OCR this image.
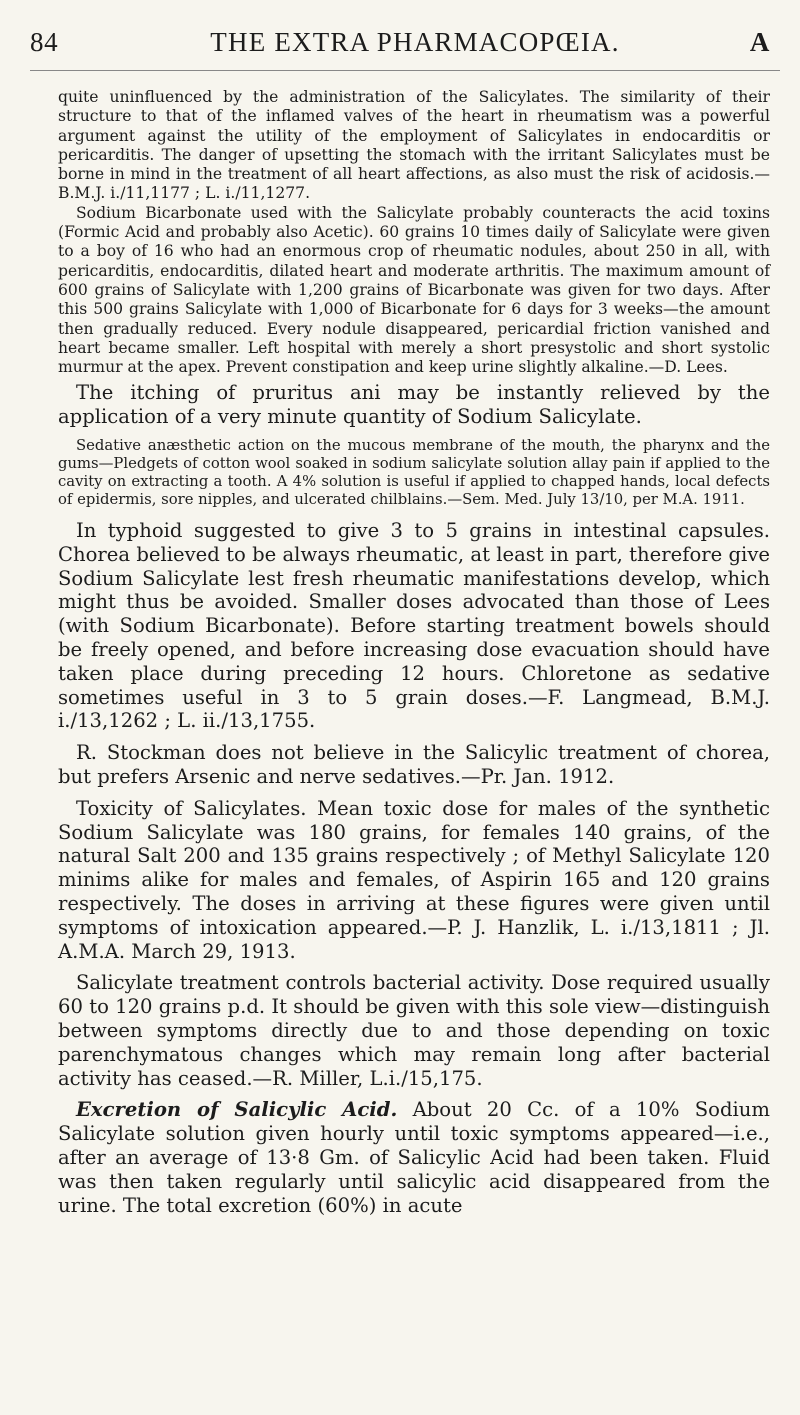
84	THE EXTRA PHARMACOPŒIA.	A

quite uninfluenced by the administration of the Salicylates. The similarity of their structure to that of the inflamed valves of the heart in rheumatism was a powerful argument against the utility of the employment of Salicylates in endocarditis or pericarditis. The danger of upsetting the stomach with the irritant Salicylates must be borne in mind in the treatment of all heart affections, as also must the risk of acidosis.—B.M.J. i./11,1177 ; L. i./11,1277.

Sodium Bicarbonate used with the Salicylate probably counteracts the acid toxins (Formic Acid and probably also Acetic). 60 grains 10 times daily of Salicylate were given to a boy of 16 who had an enormous crop of rheumatic nodules, about 250 in all, with pericarditis, endocarditis, dilated heart and moderate arthritis. The maximum amount of 600 grains of Salicylate with 1,200 grains of Bicarbonate was given for two days. After this 500 grains Salicylate with 1,000 of Bicarbonate for 6 days for 3 weeks—the amount then gradually reduced. Every nodule disappeared, pericardial friction vanished and heart became smaller. Left hospital with merely a short presystolic and short systolic murmur at the apex. Prevent constipation and keep urine slightly alkaline.—D. Lees.

The itching of pruritus ani may be instantly relieved by the application of a very minute quantity of Sodium Salicylate.

Sedative anæsthetic action on the mucous membrane of the mouth, the pharynx and the gums—Pledgets of cotton wool soaked in sodium salicylate solution allay pain if applied to the cavity on extracting a tooth. A 4% solution is useful if applied to chapped hands, local defects of epidermis, sore nipples, and ulcerated chilblains.—Sem. Med. July 13/10, per M.A. 1911.

In typhoid suggested to give 3 to 5 grains in intestinal capsules. Chorea believed to be always rheumatic, at least in part, therefore give Sodium Salicylate lest fresh rheumatic manifestations develop, which might thus be avoided. Smaller doses advocated than those of Lees (with Sodium Bicarbonate). Before starting treatment bowels should be freely opened, and before increasing dose evacuation should have taken place during preceding 12 hours. Chloretone as sedative sometimes useful in 3 to 5 grain doses.—F. Langmead, B.M.J. i./13,1262 ; L. ii./13,1755.

R. Stockman does not believe in the Salicylic treatment of chorea, but prefers Arsenic and nerve sedatives.—Pr. Jan. 1912.

Toxicity of Salicylates. Mean toxic dose for males of the synthetic Sodium Salicylate was 180 grains, for females 140 grains, of the natural Salt 200 and 135 grains respectively ; of Methyl Salicylate 120 minims alike for males and females, of Aspirin 165 and 120 grains respectively. The doses in arriving at these figures were given until symptoms of intoxication appeared.—P. J. Hanzlik, L. i./13,1811 ; Jl. A.M.A. March 29, 1913.

Salicylate treatment controls bacterial activity. Dose required usually 60 to 120 grains p.d. It should be given with this sole view—distinguish between symptoms directly due to and those depending on toxic parenchymatous changes which may remain long after bacterial activity has ceased.—R. Miller, L.i./15,175.

Excretion of Salicylic Acid. About 20 Cc. of a 10% Sodium Salicylate solution given hourly until toxic symptoms appeared—i.e., after an average of 13·8 Gm. of Salicylic Acid had been taken. Fluid was then taken regularly until salicylic acid disappeared from the urine. The total excretion (60%) in acute
